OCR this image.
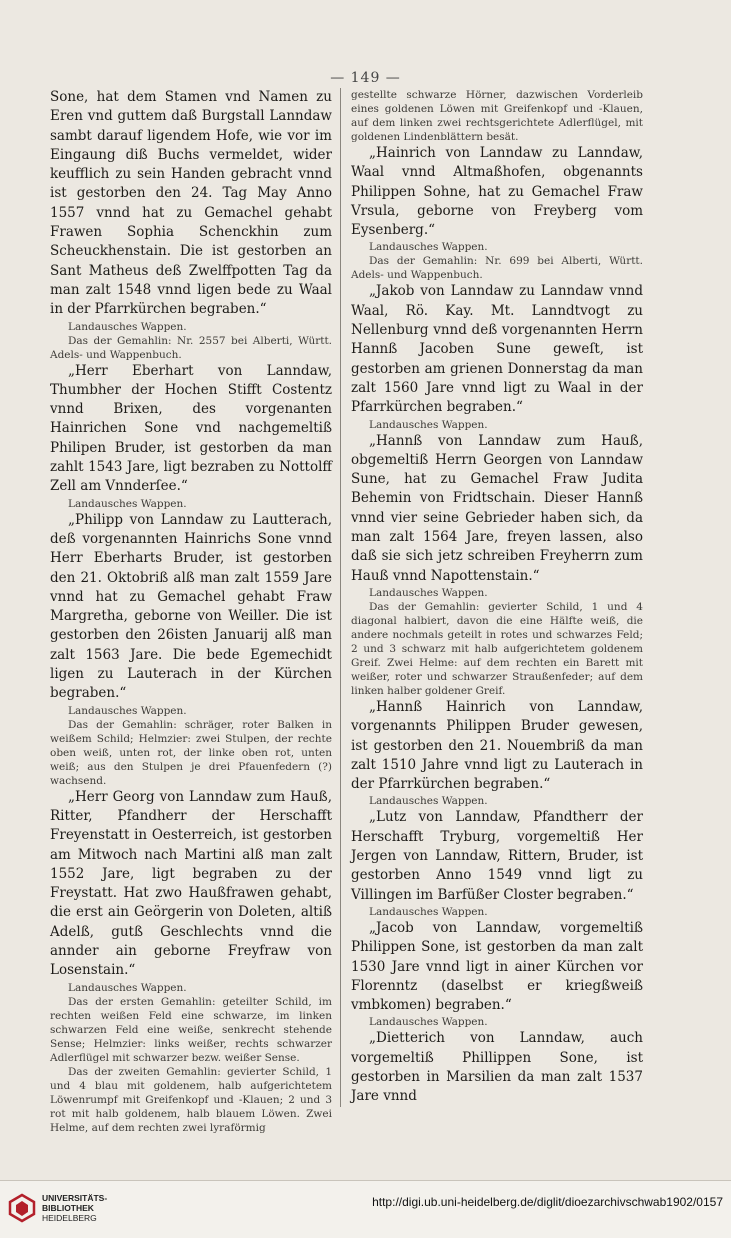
— 149 —

Sone, hat dem Stamen vnd Namen zu Eren vnd guttem daß Burgstall Lanndaw sambt darauf ligendem Hofe, wie vor im Eingaung diß Buchs vermeldet, wider keufflich zu sein Handen gebracht vnnd ist gestorben den 24. Tag May Anno 1557 vnnd hat zu Gemachel gehabt Frawen Sophia Schenckhin zum Scheuckhenstain. Die ist gestorben an Sant Matheus deß Zwelffpotten Tag da man zalt 1548 vnnd ligen bede zu Waal in der Pfarrkürchen begraben.“

Landausches Wappen.

Das der Gemahlin: Nr. 2557 bei Alberti, Württ. Adels- und Wappenbuch.

„Herr Eberhart von Lanndaw, Thumbher der Hochen Stifft Costentz vnnd Brixen, des vorgenanten Hainrichen Sone vnd nachgemeltiß Philipen Bruder, ist gestorben da man zahlt 1543 Jare, ligt bezraben zu Nottolff Zell am Vnnderſee.“

Landausches Wappen.

„Philipp von Lanndaw zu Lautterach, deß vorgenannten Hainrichs Sone vnnd Herr Eberharts Bruder, ist gestorben den 21. Oktobriß alß man zalt 1559 Jare vnnd hat zu Gemachel gehabt Fraw Margretha, geborne von Weiller. Die ist gestorben den 26isten Januarij alß man zalt 1563 Jare. Die bede Egemechidt ligen zu Lauterach in der Kürchen begraben.“

Landausches Wappen.

Das der Gemahlin: schräger, roter Balken in weißem Schild; Helmzier: zwei Stulpen, der rechte oben weiß, unten rot, der linke oben rot, unten weiß; aus den Stulpen je drei Pfauenfedern (?) wachsend.

„Herr Georg von Lanndaw zum Hauß, Ritter, Pfandherr der Herschafft Freyenstatt in Oesterreich, ist gestorben am Mitwoch nach Martini alß man zalt 1552 Jare, ligt begraben zu der Freystatt. Hat zwo Haußfrawen gehabt, die erst ain Geörgerin von Doleten, altiß Adelß, gutß Geschlechts vnnd die annder ain geborne Freyfraw von Losenstain.“

Landausches Wappen.

Das der ersten Gemahlin: geteilter Schild, im rechten weißen Feld eine schwarze, im linken schwarzen Feld eine weiße, senkrecht stehende Sense; Helmzier: links weißer, rechts schwarzer Adlerflügel mit schwarzer bezw. weißer Sense.

Das der zweiten Gemahlin: gevierter Schild, 1 und 4 blau mit goldenem, halb aufgerichtetem Löwenrumpf mit Greifenkopf und -Klauen; 2 und 3 rot mit halb goldenem, halb blauem Löwen. Zwei Helme, auf dem rechten zwei lyraförmig

gestellte schwarze Hörner, dazwischen Vorderleib eines goldenen Löwen mit Greifenkopf und -Klauen, auf dem linken zwei rechtsgerichtete Adlerflügel, mit goldenen Lindenblättern besät.

„Hainrich von Lanndaw zu Lanndaw, Waal vnnd Altmaßhofen, obgenannts Philippen Sohne, hat zu Gemachel Fraw Vrsula, geborne von Freyberg vom Eysenberg.“

Landausches Wappen.

Das der Gemahlin: Nr. 699 bei Alberti, Württ. Adels- und Wappenbuch.

„Jakob von Lanndaw zu Lanndaw vnnd Waal, Rö. Kay. Mt. Lanndtvogt zu Nellenburg vnnd deß vorgenannten Herrn Hannß Jacoben Sune geweſt, ist gestorben am grienen Donnerstag da man zalt 1560 Jare vnnd ligt zu Waal in der Pfarrkürchen begraben.“

Landausches Wappen.

„Hannß von Lanndaw zum Hauß, obgemeltiß Herrn Georgen von Lanndaw Sune, hat zu Gemachel Fraw Judita Behemin von Fridtschain. Dieser Hannß vnnd vier seine Gebrieder haben sich, da man zalt 1564 Jare, freyen lassen, also daß sie sich jetz schreiben Freyherrn zum Hauß vnnd Napottenstain.“

Landausches Wappen.

Das der Gemahlin: gevierter Schild, 1 und 4 diagonal halbiert, davon die eine Hälfte weiß, die andere nochmals geteilt in rotes und schwarzes Feld; 2 und 3 schwarz mit halb aufgerichtetem goldenem Greif. Zwei Helme: auf dem rechten ein Barett mit weißer, roter und schwarzer Straußenfeder; auf dem linken halber goldener Greif.

„Hannß Hainrich von Lanndaw, vorgenannts Philippen Bruder gewesen, ist gestorben den 21. Nouembriß da man zalt 1510 Jahre vnnd ligt zu Lauterach in der Pfarrkürchen begraben.“

Landausches Wappen.

„Lutz von Lanndaw, Pfandtherr der Herschafft Tryburg, vorgemeltiß Her Jergen von Lanndaw, Rittern, Bruder, ist gestorben Anno 1549 vnnd ligt zu Villingen im Barfüßer Closter begraben.“

Landausches Wappen.

„Jacob von Lanndaw, vorgemeltiß Philippen Sone, ist gestorben da man zalt 1530 Jare vnnd ligt in ainer Kürchen vor Florenntz (daselbst er kriegßweiß vmbkomen) begraben.“

Landausches Wappen.

„Dietterich von Lanndaw, auch vorgemeltiß Phillippen Sone, ist gestorben in Marsilien da man zalt 1537 Jare vnnd

UNIVERSITÄTS-
BIBLIOTHEK
HEIDELBERG
http://digi.ub.uni-heidelberg.de/diglit/dioezarchivschwab1902/0157
